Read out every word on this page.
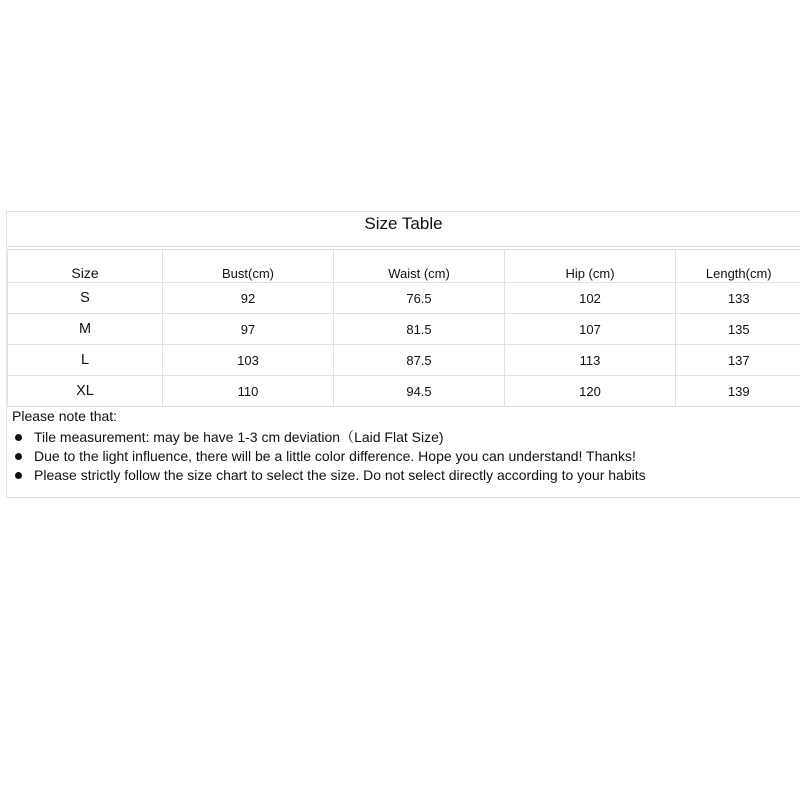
Size Table
Size	Bust(cm)	Waist (cm)	Hip (cm)	Length(cm)
S	92	76.5	102	133
M	97	81.5	107	135
L	103	87.5	113	137
XL	110	94.5	120	139

Please note that:

Tile measurement: may be have 1-3 cm deviation（Laid Flat Size)
Due to the light influence, there will be a little color difference. Hope you can understand! Thanks!
Please strictly follow the size chart to select the size. Do not select directly according to your habits
